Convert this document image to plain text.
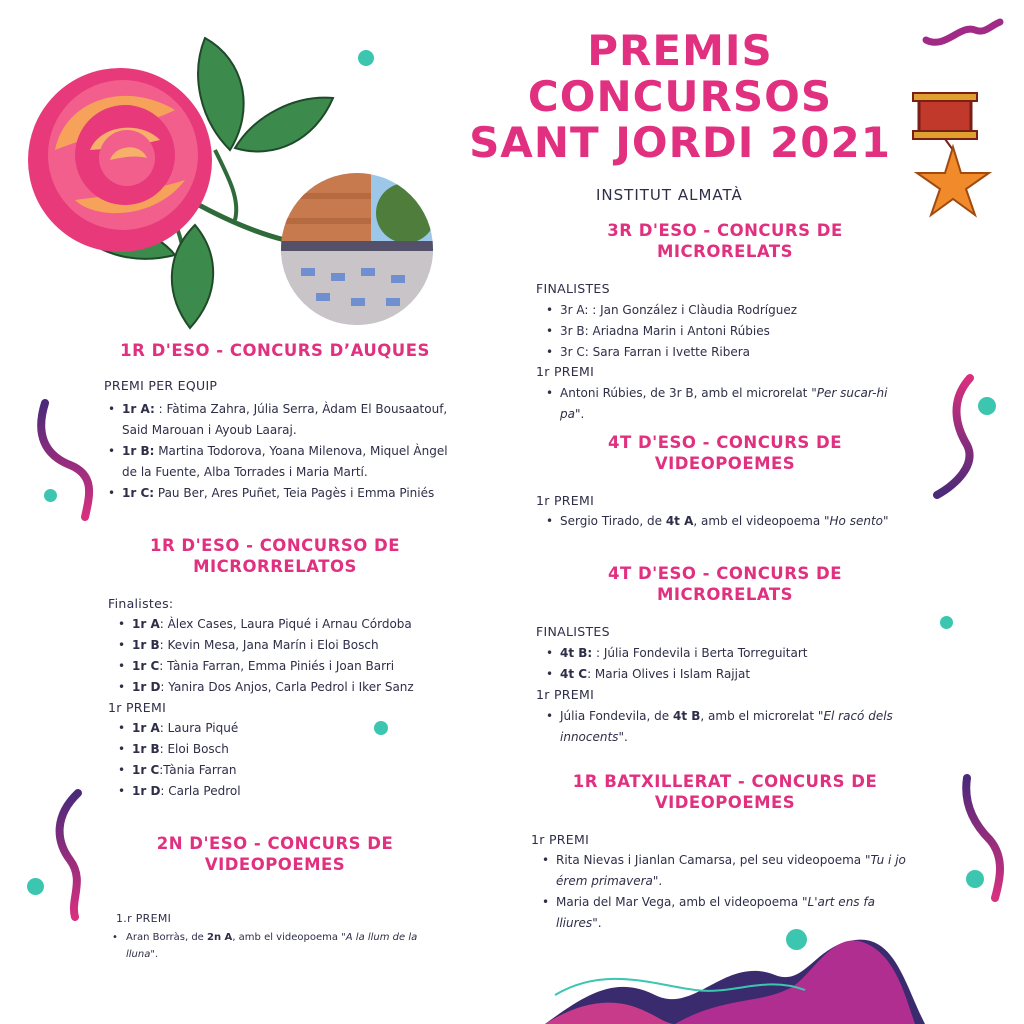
PREMIS
CONCURSOS
SANT JORDI 2021
INSTITUT ALMATÀ
1R D'ESO - CONCURS D’AUQUES
PREMI PER EQUIP
• 1r A: : Fàtima Zahra, Júlia Serra, Àdam El Bousaatouf, Said Marouan i Ayoub Laaraj.
• 1r B: Martina Todorova, Yoana Milenova, Miquel Àngel de la Fuente, Alba Torrades i Maria Martí.
• 1r C: Pau Ber, Ares Puñet, Teia Pagès i Emma Piniés
1R D'ESO - CONCURSO DE
MICRORRELATOS
Finalistes:
• 1r A: Àlex Cases, Laura Piqué i Arnau Córdoba
• 1r B: Kevin Mesa, Jana Marín i Eloi Bosch
• 1r C: Tània Farran, Emma Piniés i Joan Barri
• 1r D: Yanira Dos Anjos, Carla Pedrol i Iker Sanz
1r PREMI
• 1r A: Laura Piqué
• 1r B: Eloi Bosch
• 1r C:Tània Farran
• 1r D: Carla Pedrol
2N D'ESO - CONCURS DE
VIDEOPOEMES
1.r PREMI
• Aran Borràs, de 2n A, amb el videopoema "A la llum de la lluna".
3R D'ESO - CONCURS DE
MICRORELATS
FINALISTES
• 3r A: : Jan González i Clàudia Rodríguez
• 3r B: Ariadna Marin i Antoni Rúbies
• 3r C: Sara Farran i Ivette Ribera
1r PREMI
• Antoni Rúbies, de 3r B, amb el microrelat "Per sucar-hi pa".
4T D'ESO - CONCURS DE
VIDEOPOEMES
1r PREMI
• Sergio Tirado, de 4t A, amb el videopoema "Ho sento"
4T D'ESO - CONCURS DE
MICRORELATS
FINALISTES
• 4t B: : Júlia Fondevila i Berta Torreguitart
• 4t C: Maria Olives i Islam Rajjat
1r PREMI
• Júlia Fondevila, de 4t B, amb el microrelat "El racó dels innocents".
1R BATXILLERAT - CONCURS DE
VIDEOPOEMES
1r PREMI
• Rita Nievas i Jianlan Camarsa, pel seu videopoema "Tu i jo érem primavera".
• Maria del Mar Vega, amb el videopoema "L'art ens fa lliures".
